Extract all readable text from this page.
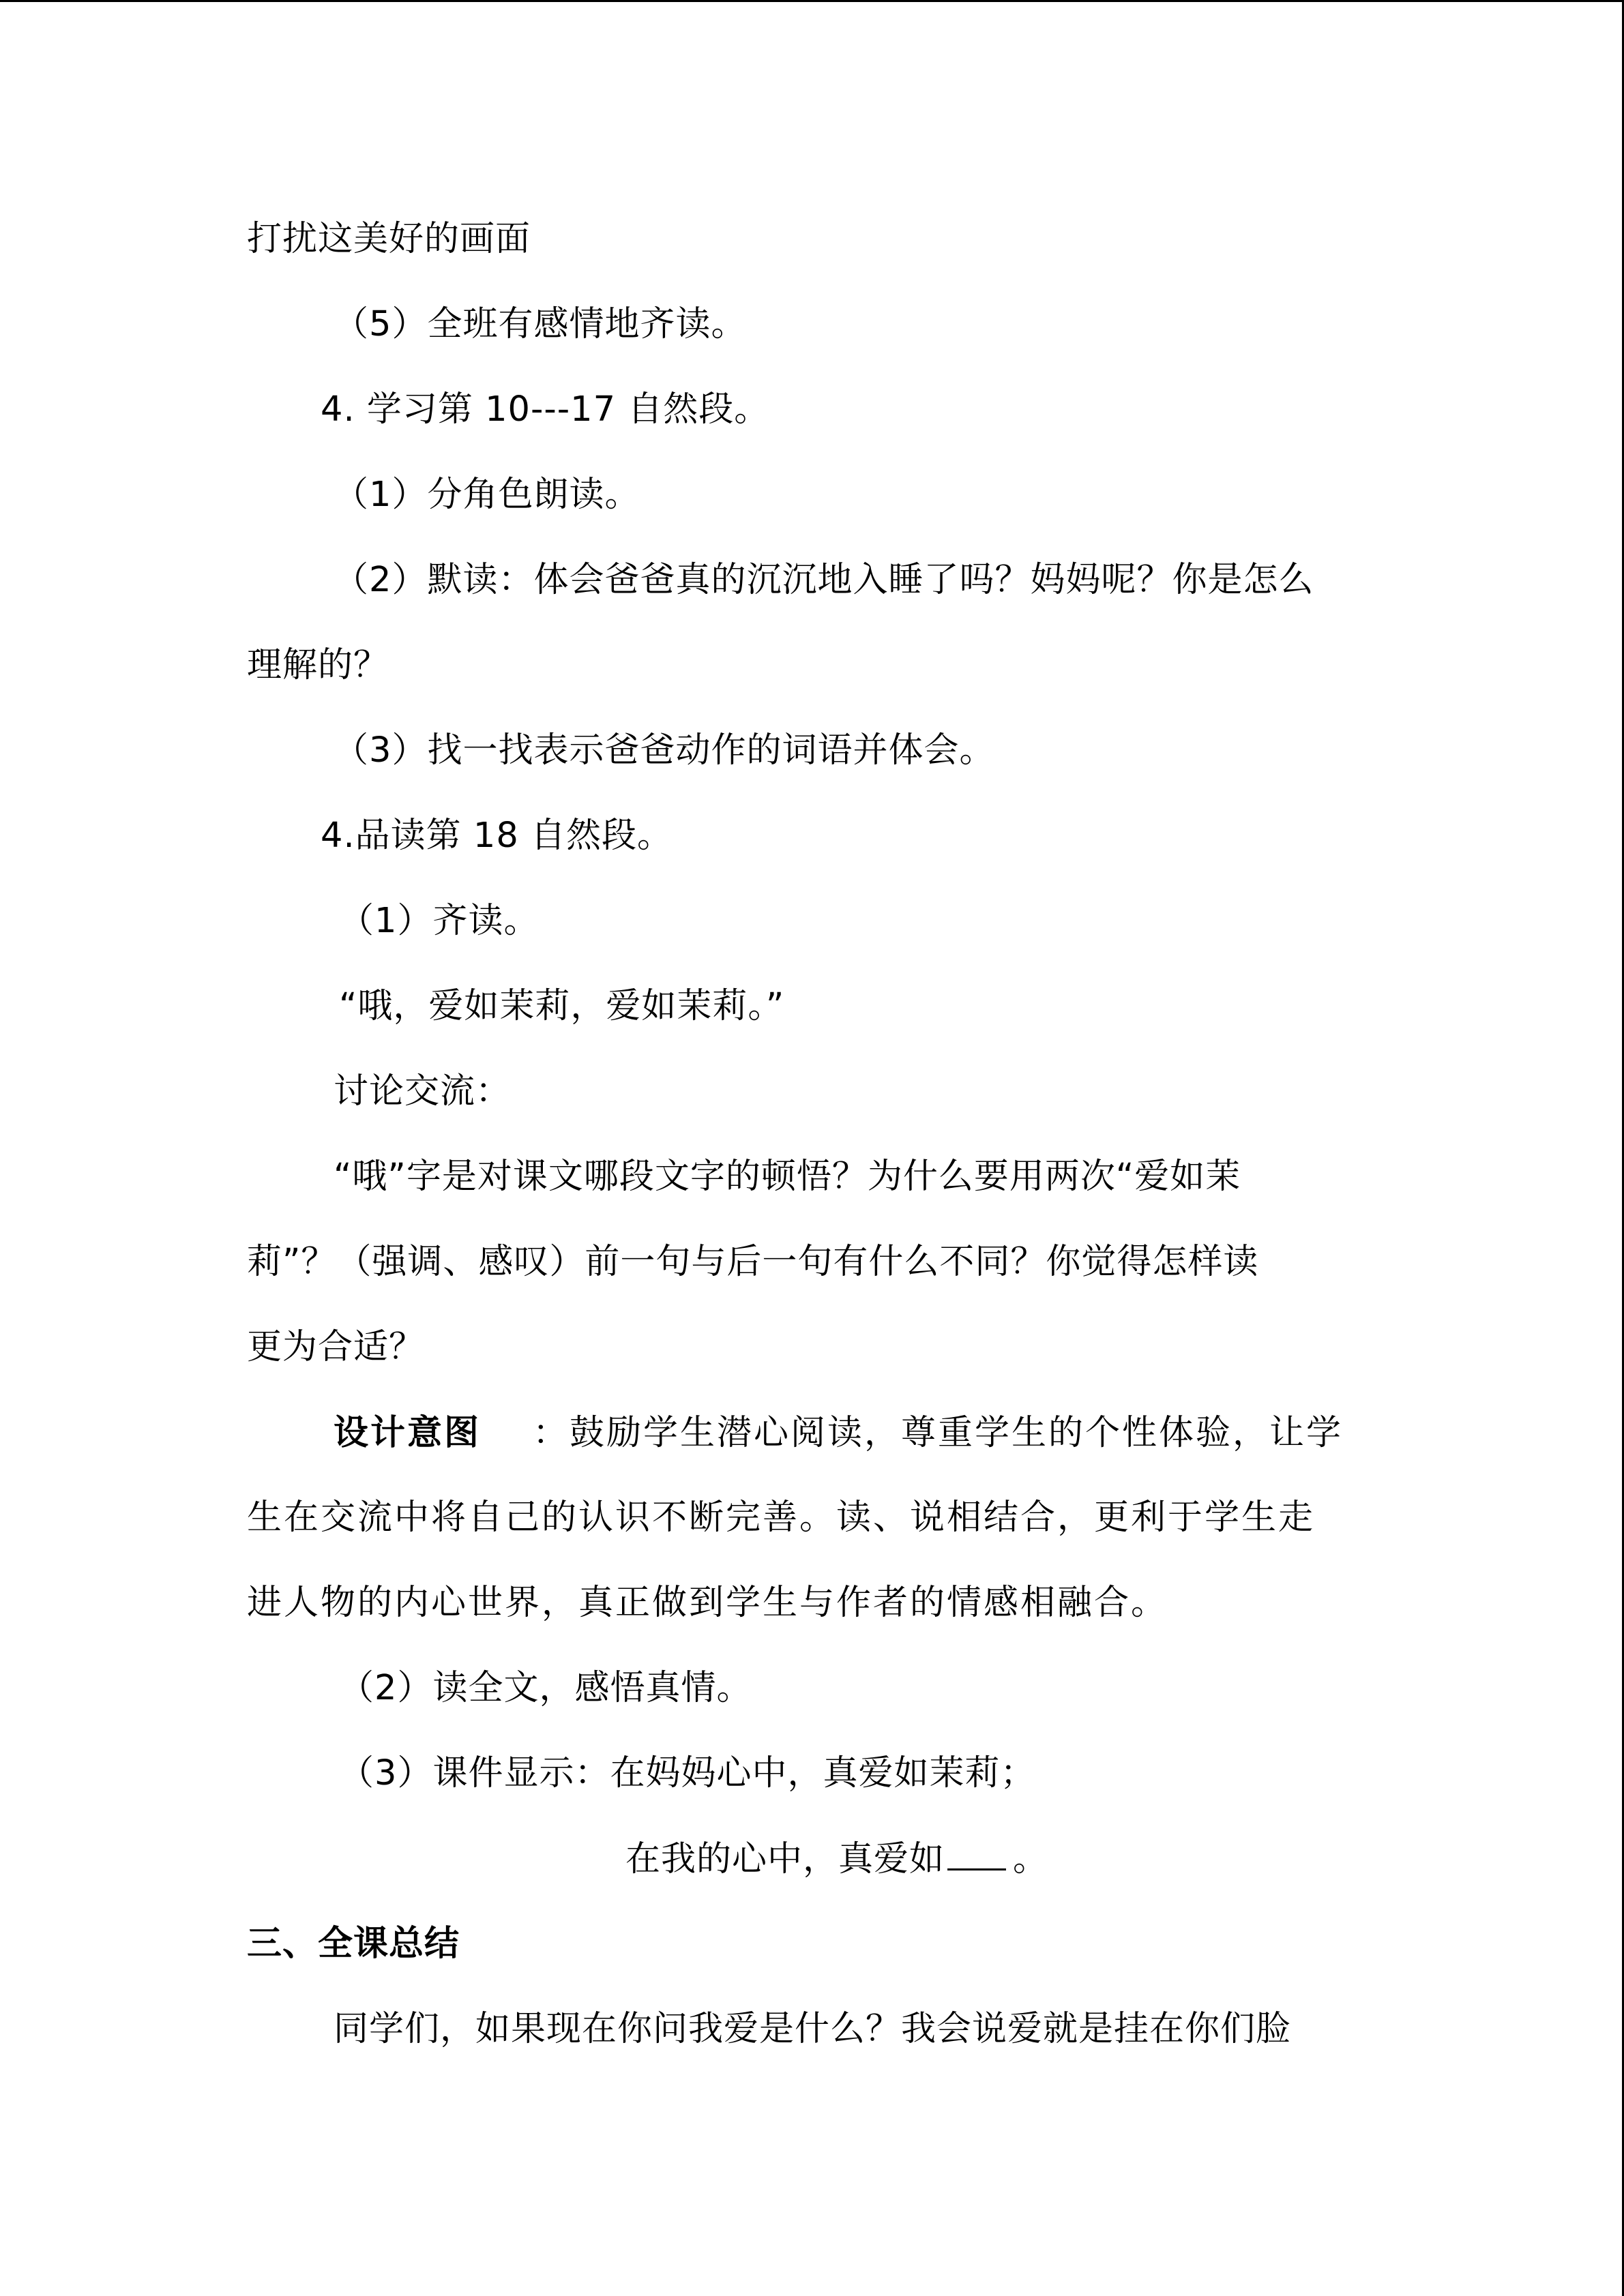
打扰这美好的画面
（5）全班有感情地齐读。
4. 学习第 10---17 自然段。
（1）分角色朗读。
（2）默读：体会爸爸真的沉沉地入睡了吗？妈妈呢？你是怎么
理解的？
（3）找一找表示爸爸动作的词语并体会。
4.品读第 18 自然段。
（1）齐读。
“哦，爱如茉莉，爱如茉莉。”
讨论交流：
“哦”字是对课文哪段文字的顿悟？为什么要用两次“爱如茉
莉”？（强调、感叹）前一句与后一句有什么不同？你觉得怎样读
更为合适？
设计意图 ：鼓励学生潜心阅读，尊重学生的个性体验，让学
生在交流中将自己的认识不断完善。读、说相结合，更利于学生走
进人物的内心世界，真正做到学生与作者的情感相融合。
（2）读全文，感悟真情。
（3）课件显示：在妈妈心中，真爱如茉莉；
在我的心中，真爱如 。
三、全课总结
同学们，如果现在你问我爱是什么？我会说爱就是挂在你们脸
